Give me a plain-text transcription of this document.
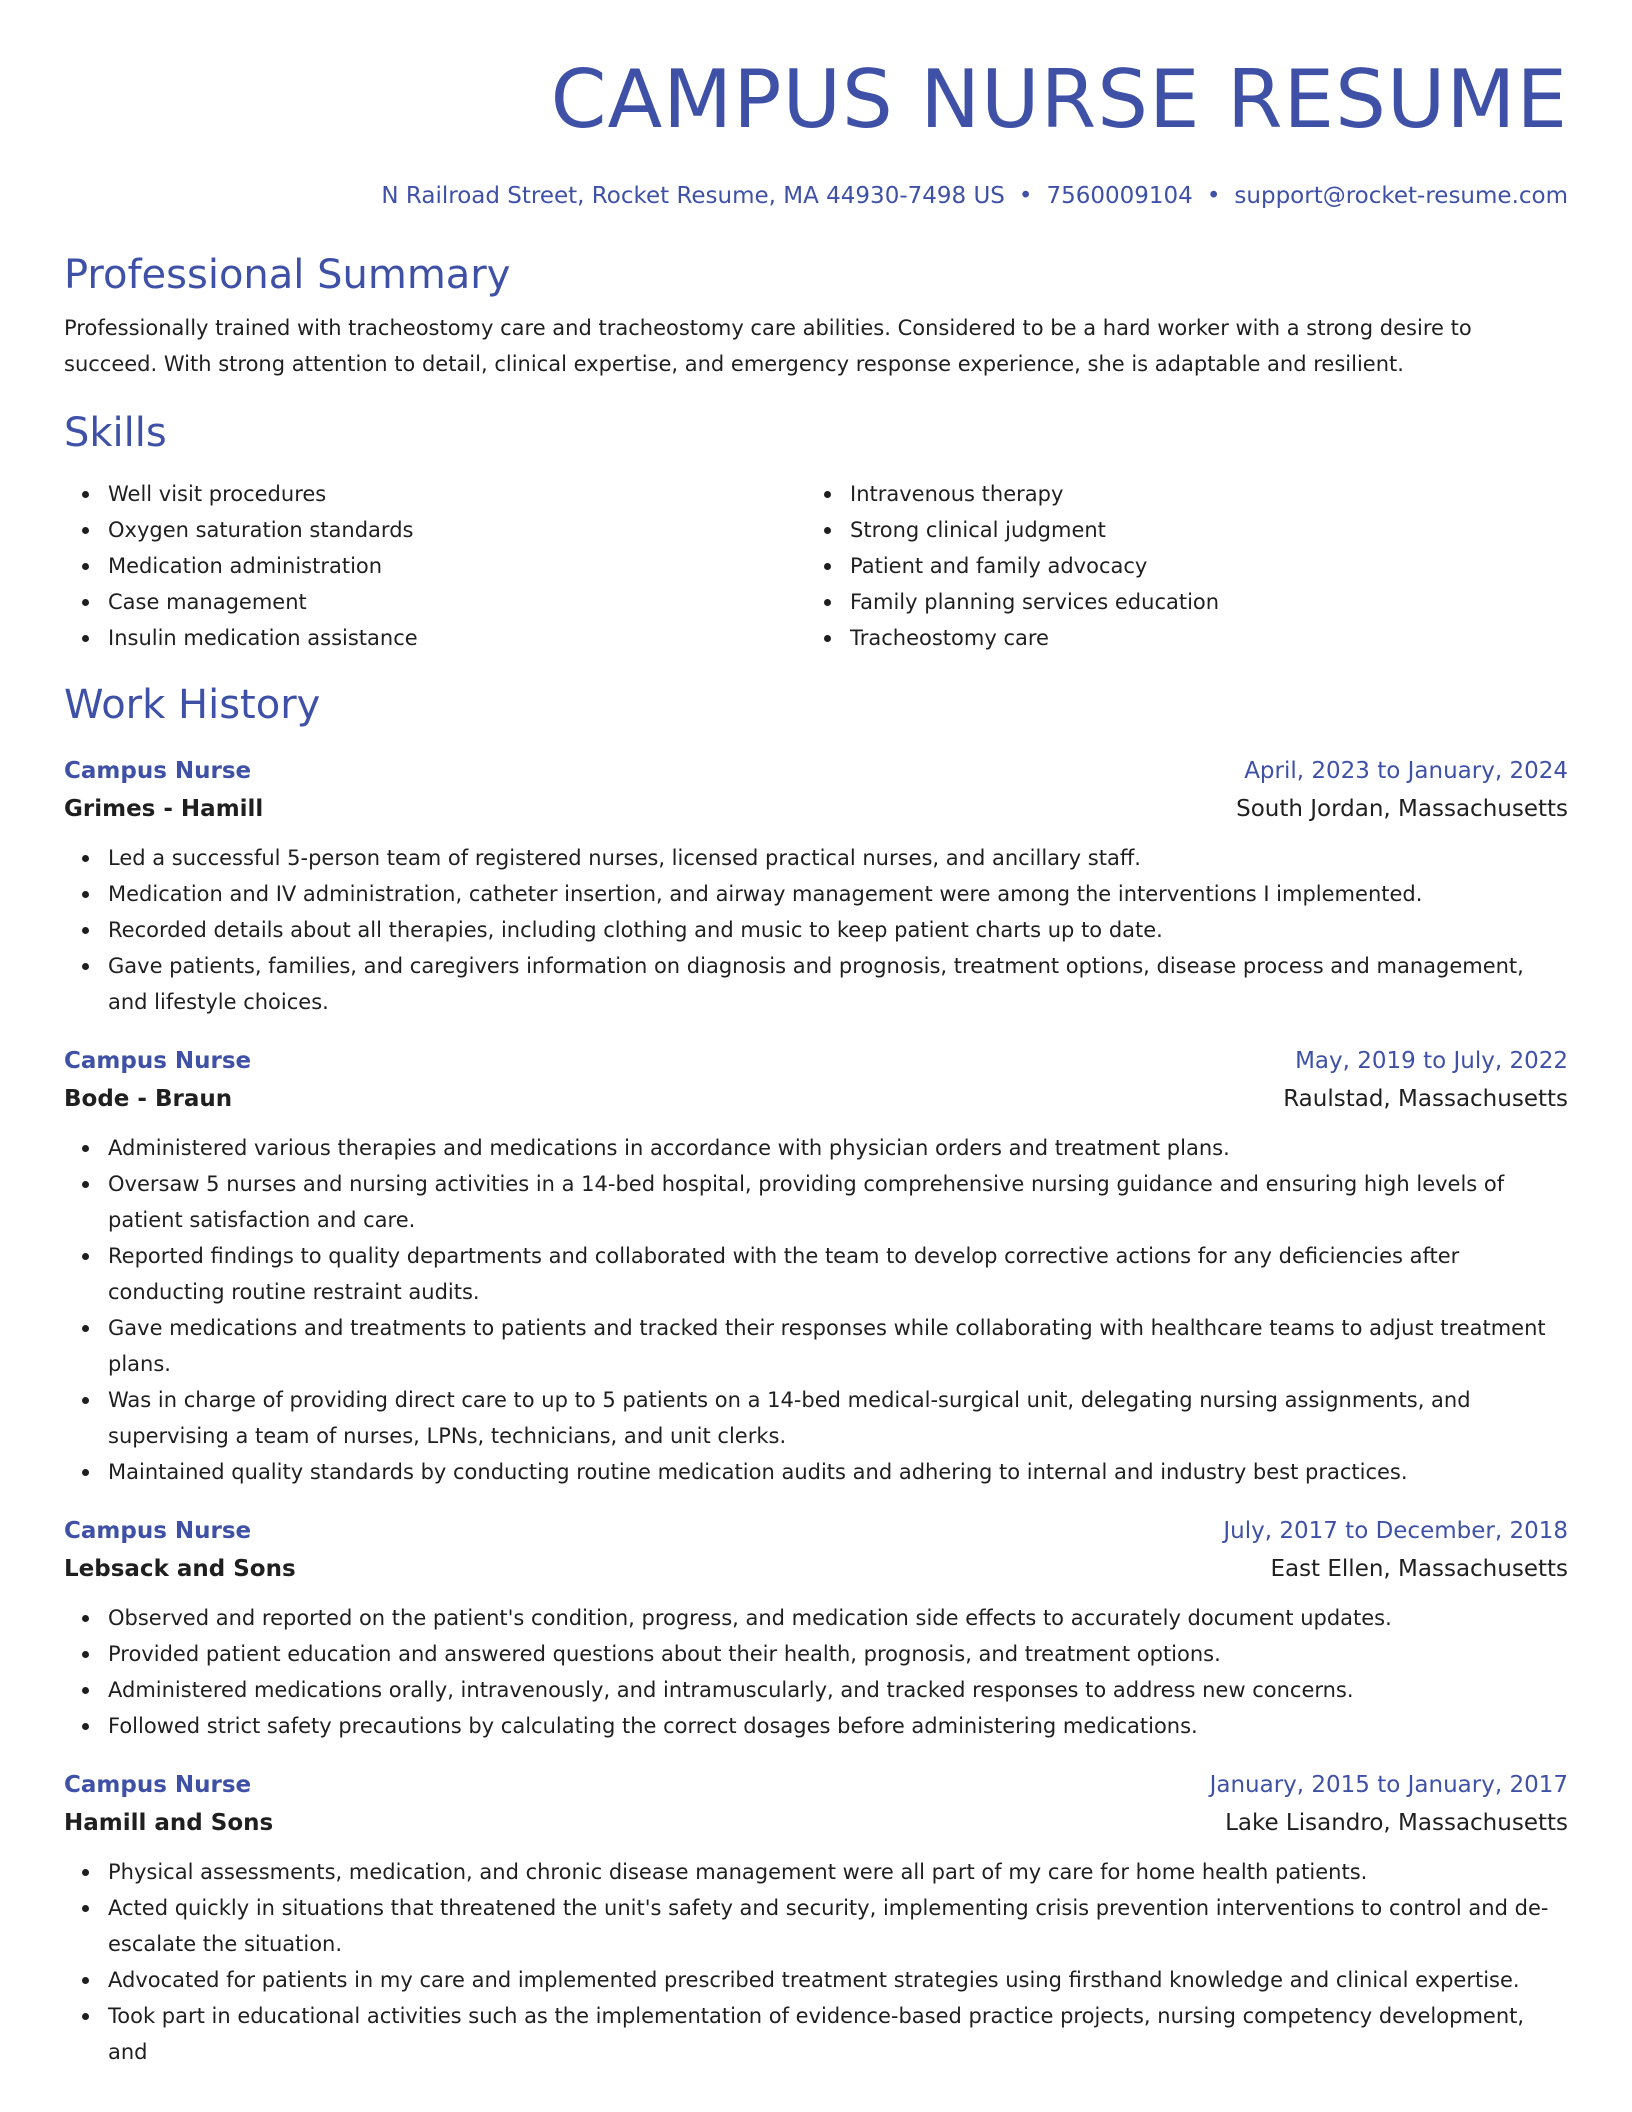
CAMPUS NURSE RESUME
N Railroad Street, Rocket Resume, MA 44930-7498 US • 7560009104 • support@rocket-resume.com
Professional Summary
Professionally trained with tracheostomy care and tracheostomy care abilities. Considered to be a hard worker with a strong desire to succeed. With strong attention to detail, clinical expertise, and emergency response experience, she is adaptable and resilient.
Skills
Well visit procedures
Oxygen saturation standards
Medication administration
Case management
Insulin medication assistance
Intravenous therapy
Strong clinical judgment
Patient and family advocacy
Family planning services education
Tracheostomy care
Work History
Campus Nurse	April, 2023 to January, 2024
Grimes - Hamill	South Jordan, Massachusetts
Led a successful 5-person team of registered nurses, licensed practical nurses, and ancillary staff.
Medication and IV administration, catheter insertion, and airway management were among the interventions I implemented.
Recorded details about all therapies, including clothing and music to keep patient charts up to date.
Gave patients, families, and caregivers information on diagnosis and prognosis, treatment options, disease process and management, and lifestyle choices.
Campus Nurse	May, 2019 to July, 2022
Bode - Braun	Raulstad, Massachusetts
Administered various therapies and medications in accordance with physician orders and treatment plans.
Oversaw 5 nurses and nursing activities in a 14-bed hospital, providing comprehensive nursing guidance and ensuring high levels of patient satisfaction and care.
Reported findings to quality departments and collaborated with the team to develop corrective actions for any deficiencies after conducting routine restraint audits.
Gave medications and treatments to patients and tracked their responses while collaborating with healthcare teams to adjust treatment plans.
Was in charge of providing direct care to up to 5 patients on a 14-bed medical-surgical unit, delegating nursing assignments, and supervising a team of nurses, LPNs, technicians, and unit clerks.
Maintained quality standards by conducting routine medication audits and adhering to internal and industry best practices.
Campus Nurse	July, 2017 to December, 2018
Lebsack and Sons	East Ellen, Massachusetts
Observed and reported on the patient's condition, progress, and medication side effects to accurately document updates.
Provided patient education and answered questions about their health, prognosis, and treatment options.
Administered medications orally, intravenously, and intramuscularly, and tracked responses to address new concerns.
Followed strict safety precautions by calculating the correct dosages before administering medications.
Campus Nurse	January, 2015 to January, 2017
Hamill and Sons	Lake Lisandro, Massachusetts
Physical assessments, medication, and chronic disease management were all part of my care for home health patients.
Acted quickly in situations that threatened the unit's safety and security, implementing crisis prevention interventions to control and de-escalate the situation.
Advocated for patients in my care and implemented prescribed treatment strategies using firsthand knowledge and clinical expertise.
Took part in educational activities such as the implementation of evidence-based practice projects, nursing competency development, and
